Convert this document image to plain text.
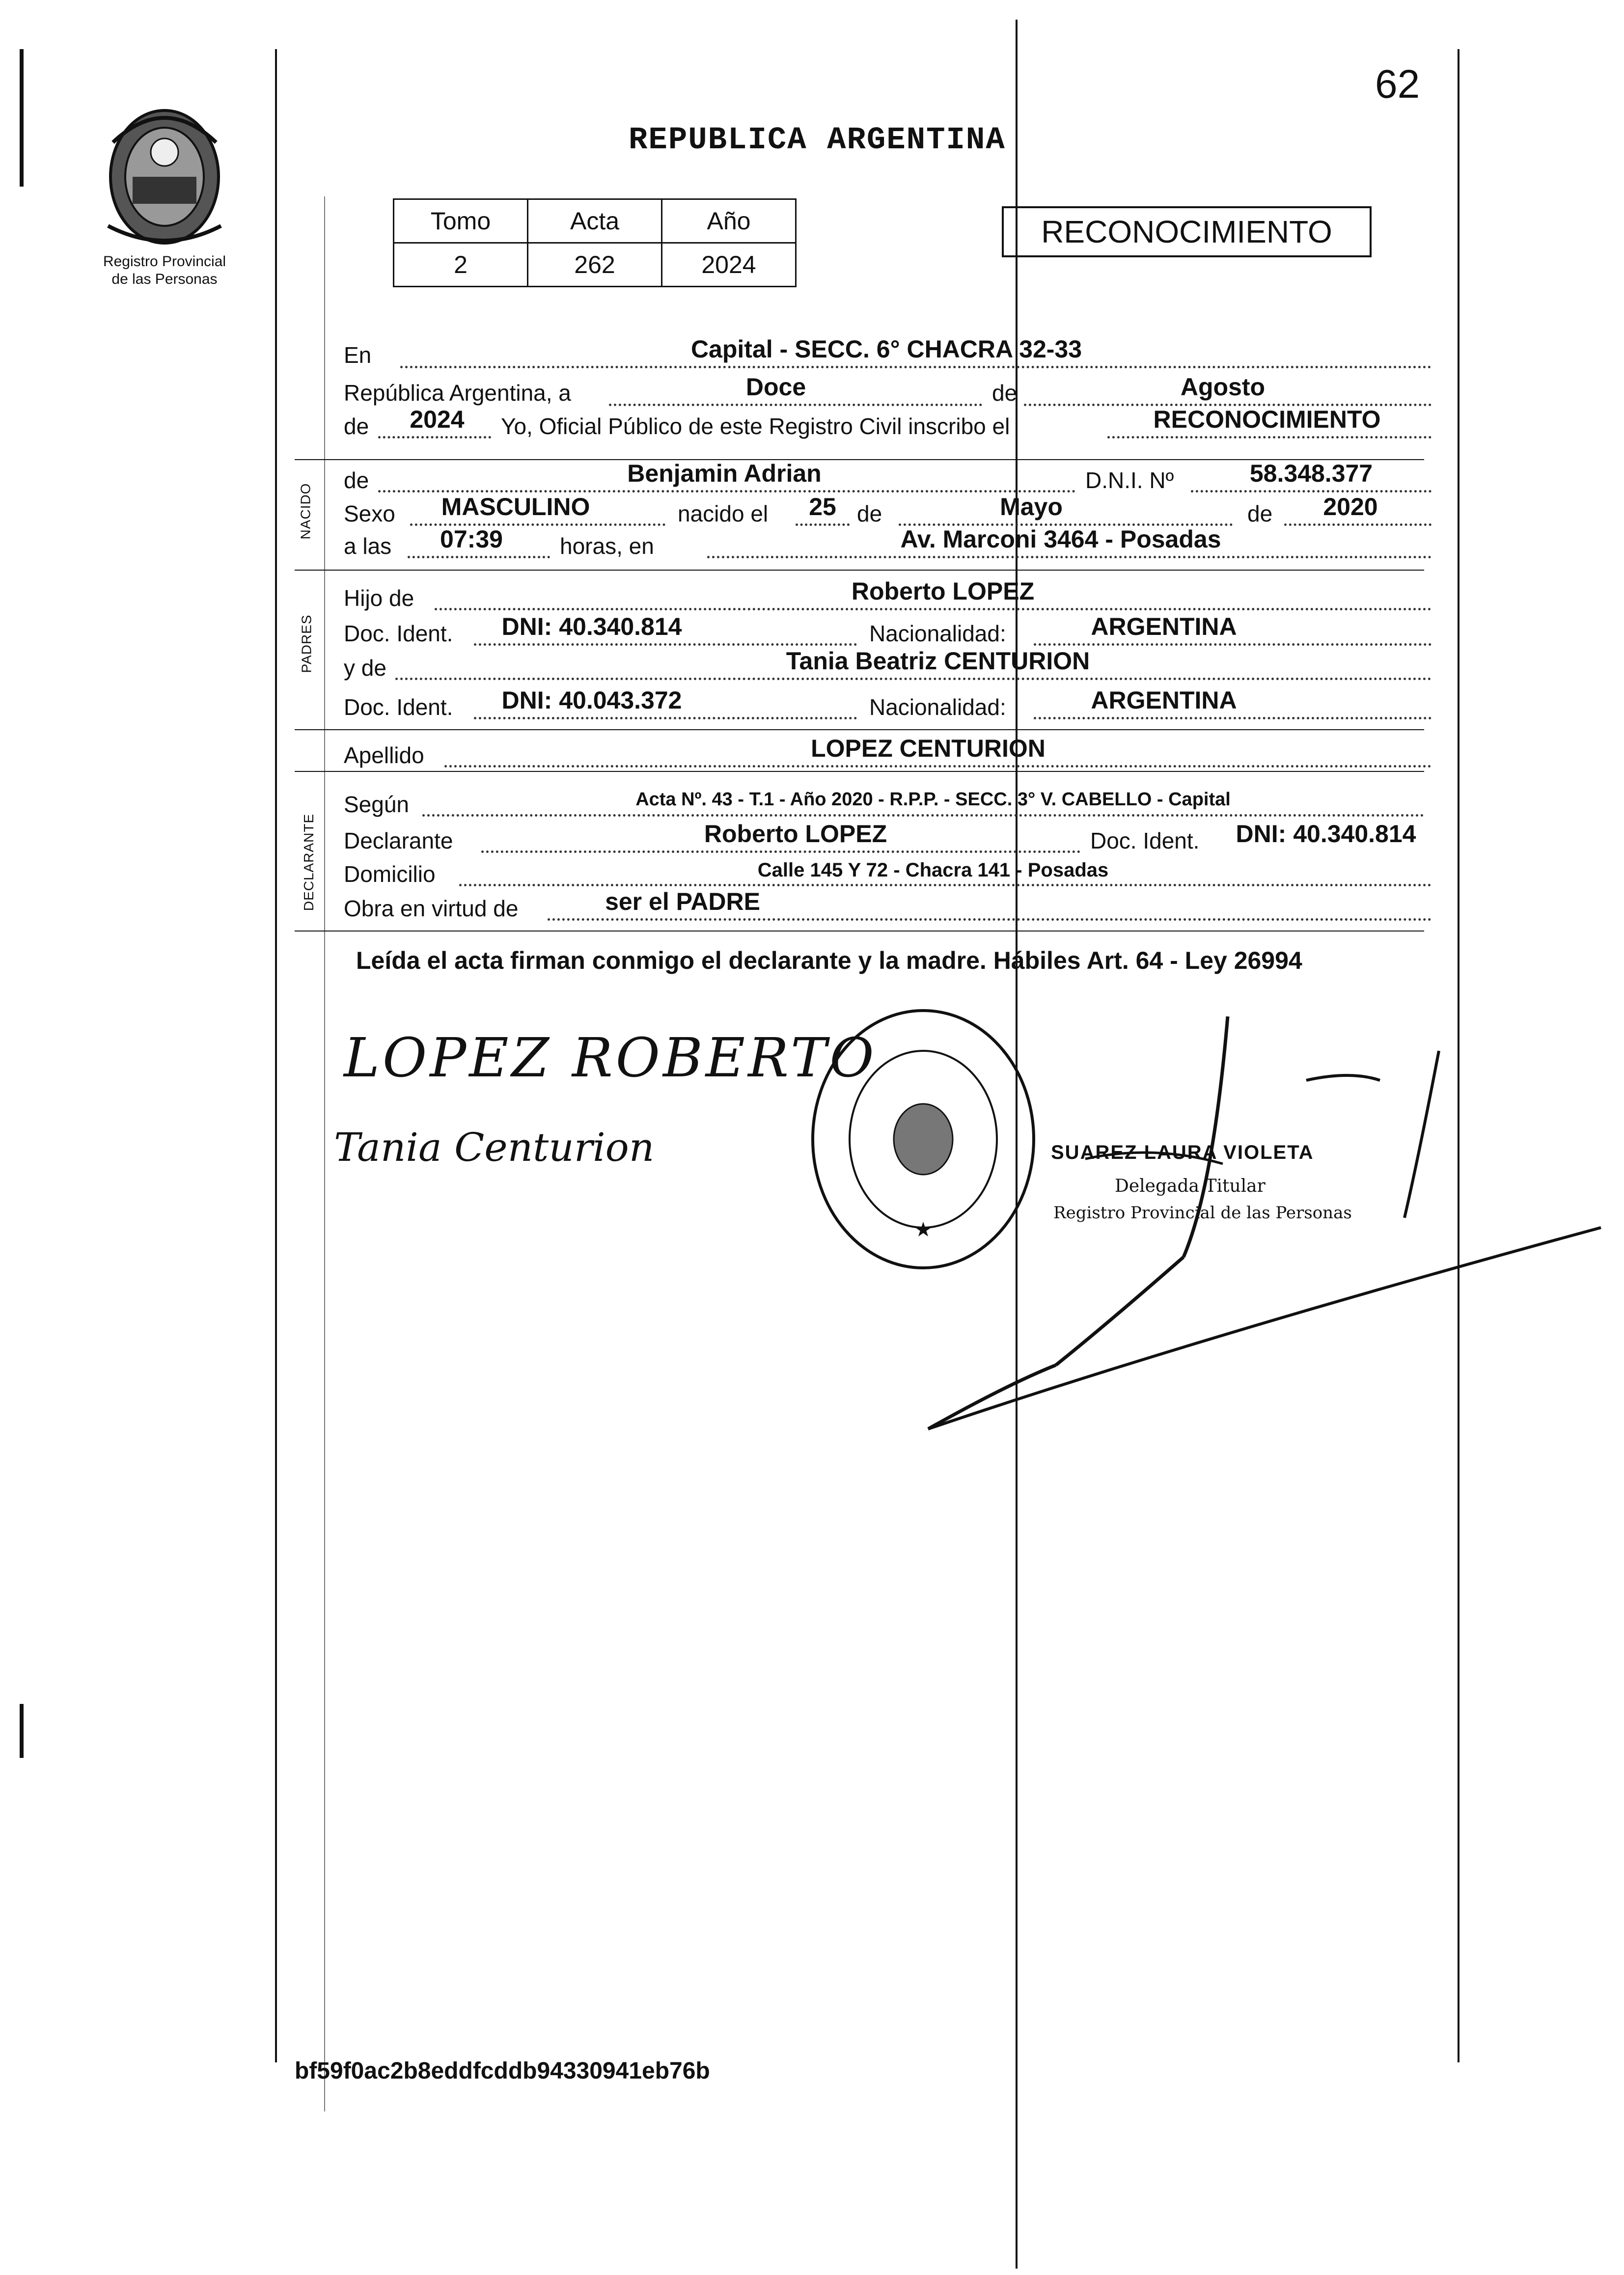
62
REPUBLICA ARGENTINA
Registro Provincial
de las Personas
Tomo	Acta	Año
2	262	2024
RECONOCIMIENTO
NACIDO
PADRES
DECLARANTE
En	Capital - SECC. 6° CHACRA 32-33
República Argentina, a	Doce	de	Agosto
de	2024	Yo, Oficial Público de este Registro Civil inscribo el	RECONOCIMIENTO
de	Benjamin Adrian	D.N.I. Nº	58.348.377
Sexo	MASCULINO	nacido el	25 de	Mayo	de	2020
a las	07:39	horas, en	Av. Marconi 3464 - Posadas
Hijo de	Roberto LOPEZ
Doc. Ident.	DNI: 40.340.814	Nacionalidad:	ARGENTINA
y de	Tania Beatriz CENTURION
Doc. Ident.	DNI: 40.043.372	Nacionalidad:	ARGENTINA
Apellido	LOPEZ CENTURION
Según	Acta Nº. 43 - T.1 - Año 2020 - R.P.P. - SECC. 3° V. CABELLO - Capital
Declarante	Roberto LOPEZ	Doc. Ident.	DNI: 40.340.814
Domicilio	Calle 145 Y 72 - Chacra 141 - Posadas
Obra en virtud de	ser el PADRE
Leída el acta firman conmigo el declarante y la madre. Hábiles Art. 64 - Ley 26994
LOPEZ ROBERTO
Tania Centurion	SUAREZ LAURA VIOLETA
Delegada Titular
Registro Provincial de las Personas
bf59f0ac2b8eddfcddb94330941eb76b
